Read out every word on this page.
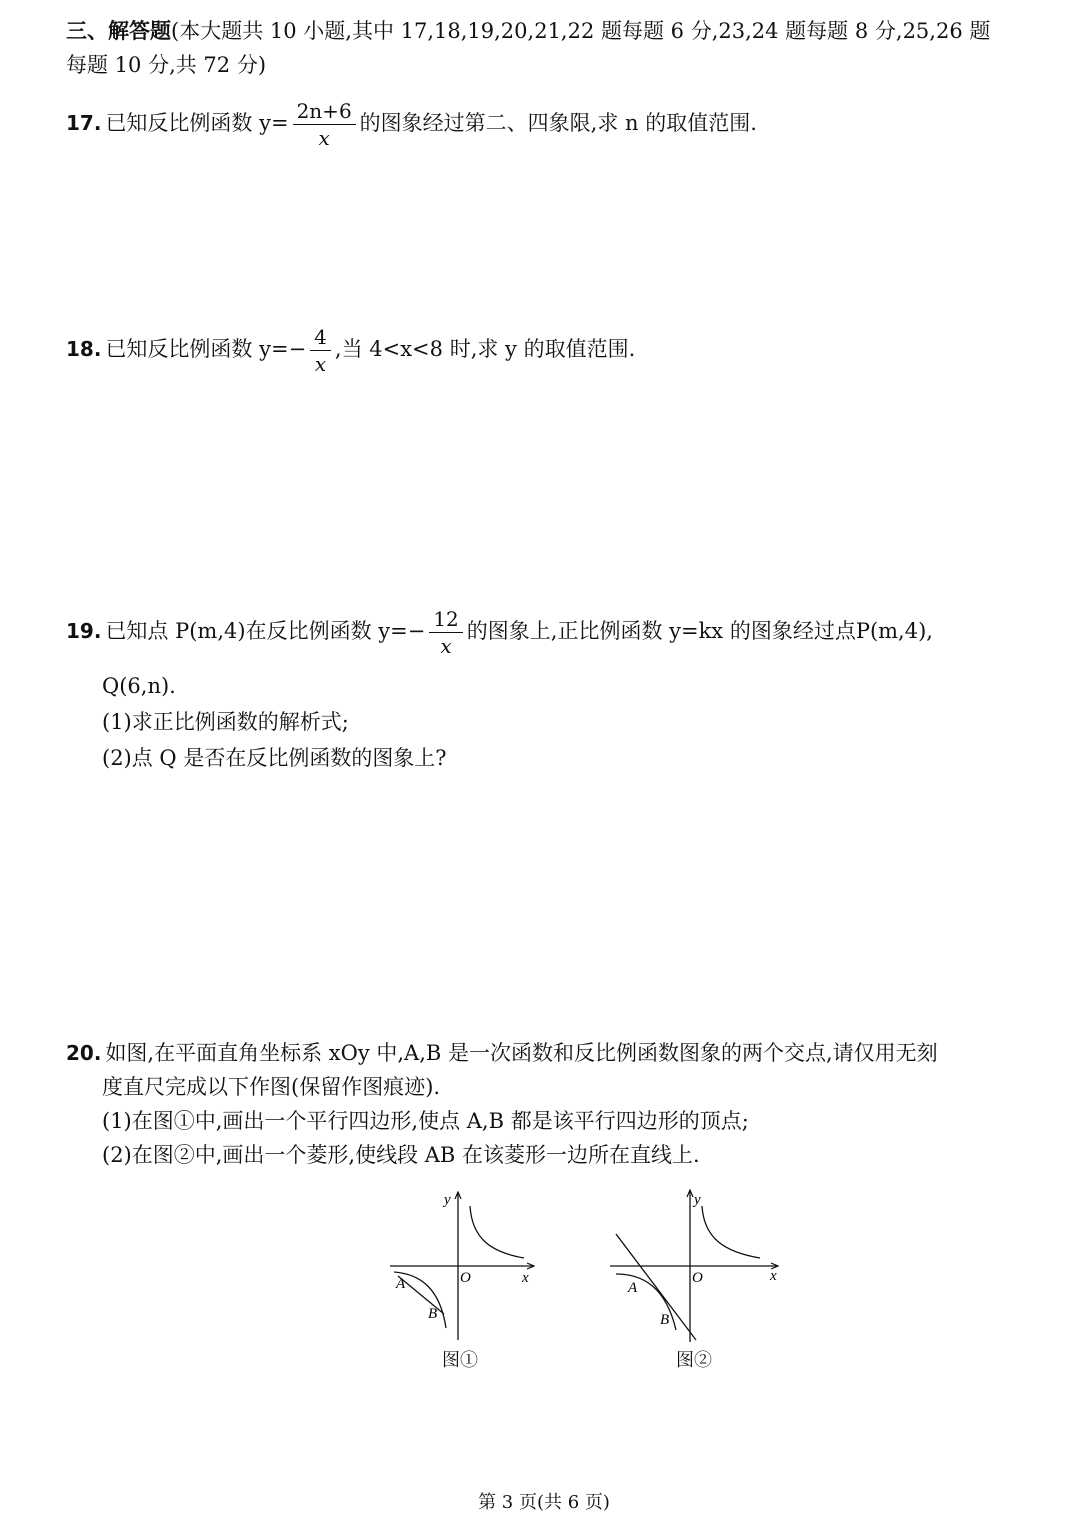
三、解答题(本大题共 10 小题,其中 17,18,19,20,21,22 题每题 6 分,23,24 题每题 8 分,25,26 题
每题 10 分,共 72 分)
17. 已知反比例函数 $y= \frac{2n+6}{x}$ 的图象经过第二、四象限,求 n 的取值范围.
18. 已知反比例函数 $y=- \frac{4}{x}$ ,当 4<x<8 时,求 y 的取值范围.
19. 已知点 P(m,4)在反比例函数 $y=- \frac{12}{x}$ 的图象上,正比例函数 y=kx 的图象经过点P(m,4),
Q(6,n).
(1)求正比例函数的解析式;
(2)点 Q 是否在反比例函数的图象上?
20. 如图,在平面直角坐标系 xOy 中,A,B 是一次函数和反比例函数图象的两个交点,请仅用无刻
度直尺完成以下作图(保留作图痕迹).
(1)在图①中,画出一个平行四边形,使点 A,B 都是该平行四边形的顶点;
(2)在图②中,画出一个菱形,使线段 AB 在该菱形一边所在直线上.
A
B
O	x
y
图①
A
B
O	x
y
图②
第 3 页(共 6 页)
